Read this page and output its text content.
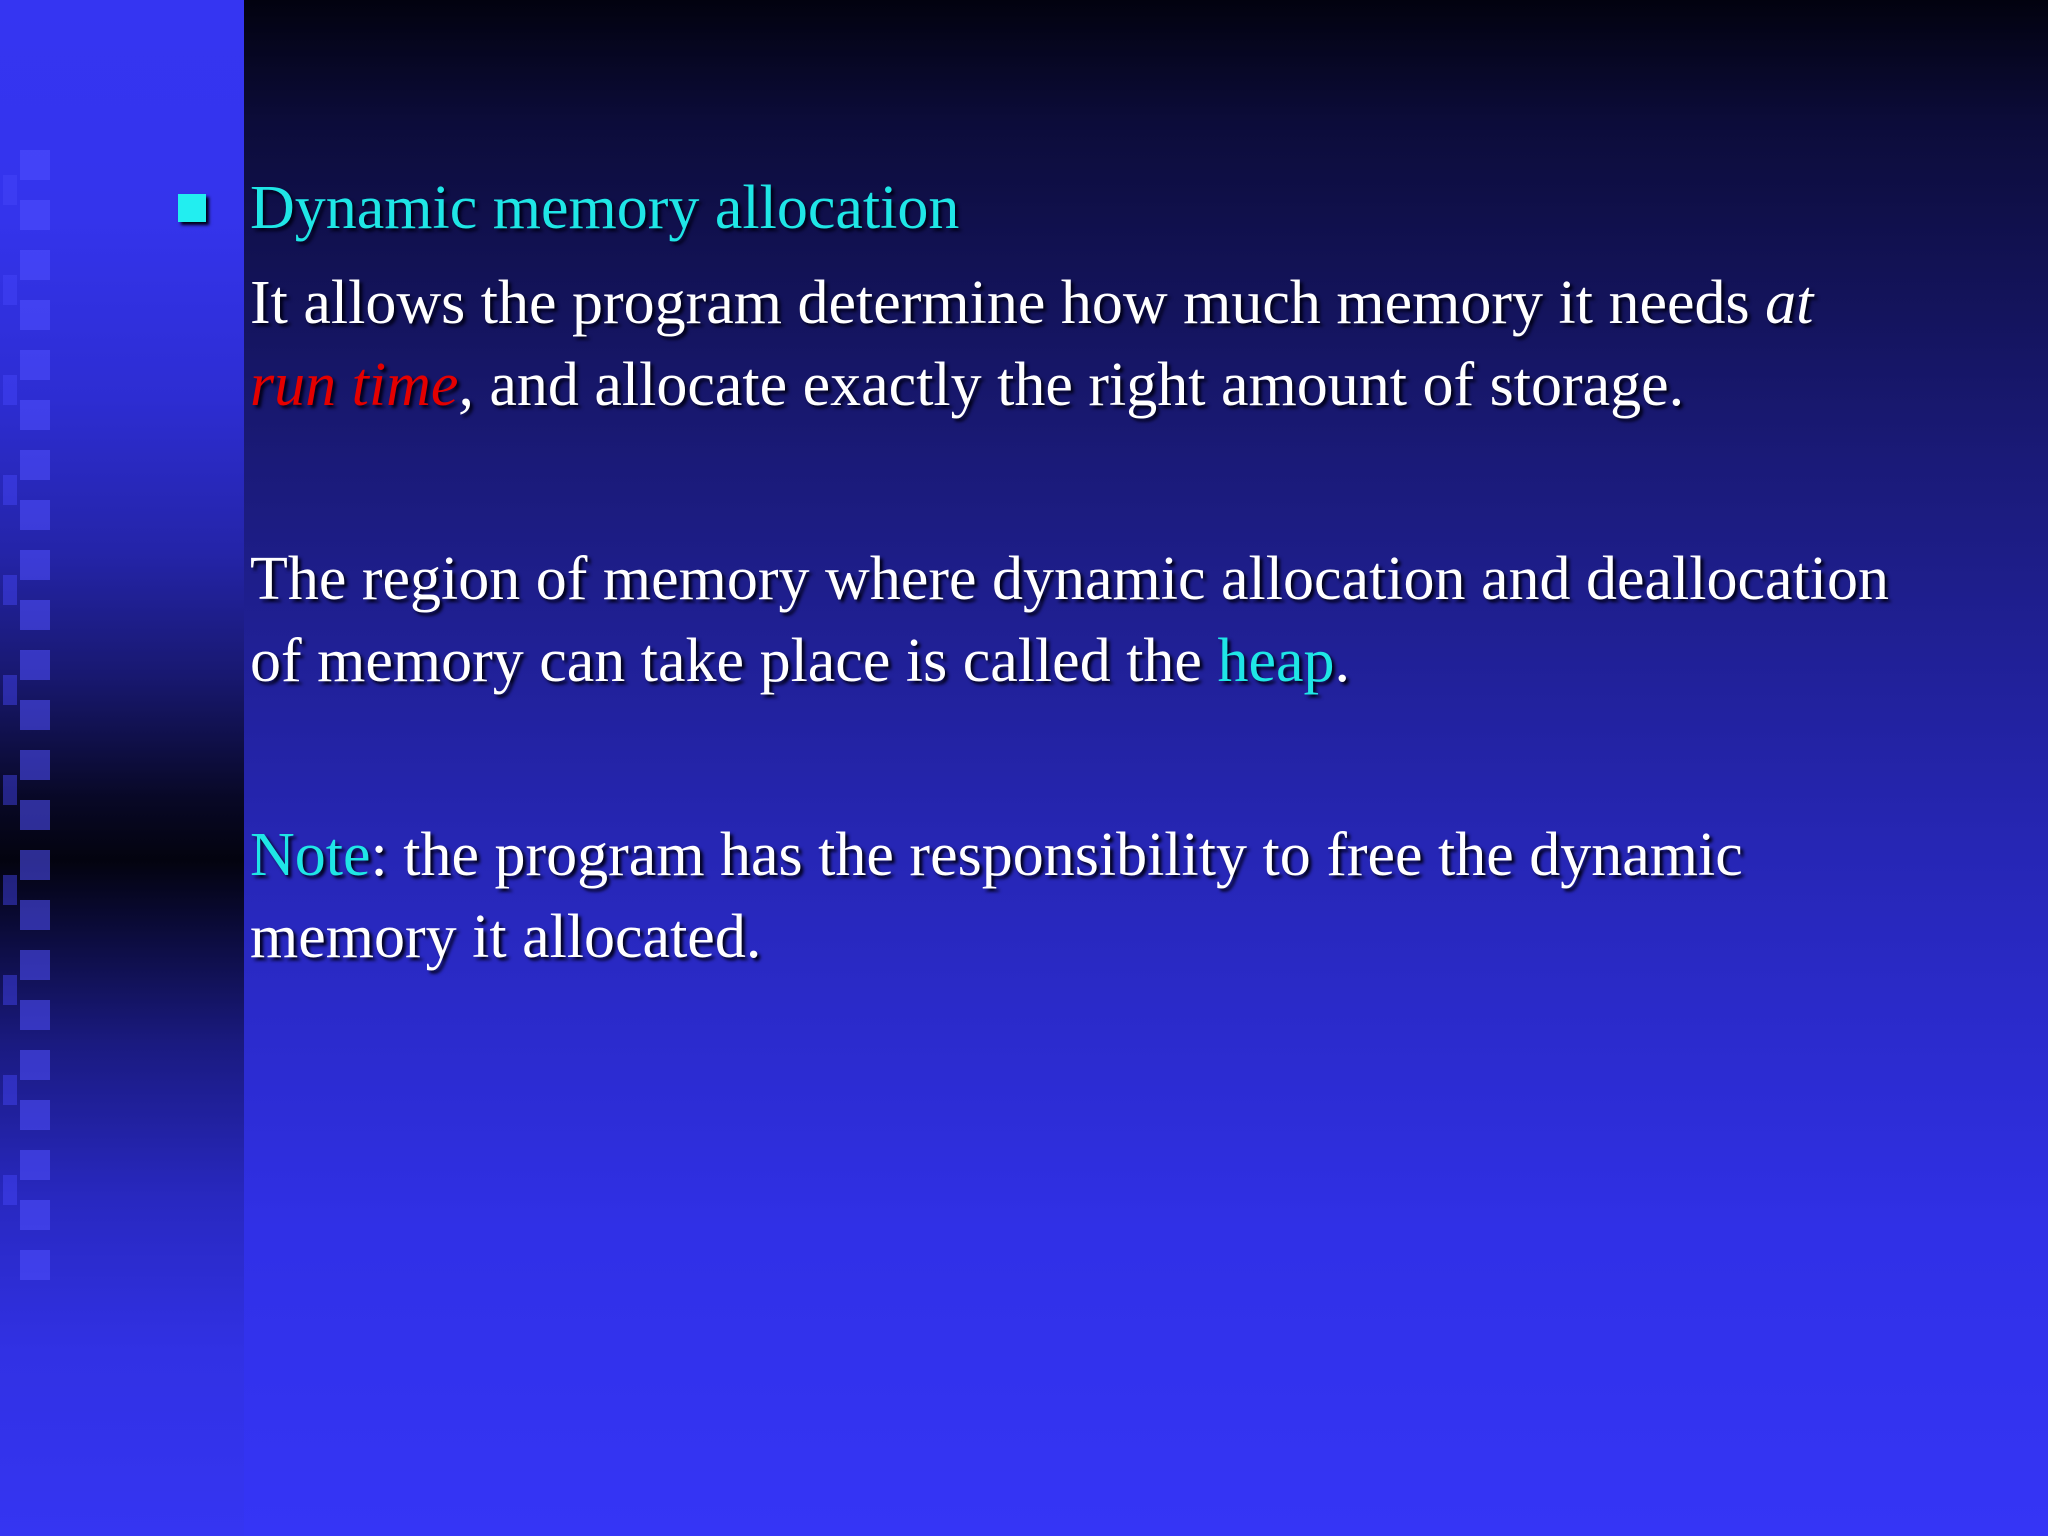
Dynamic memory allocation

It allows the program determine how much memory it needs at run time, and allocate exactly the right amount of storage.

The region of memory where dynamic allocation and deallocation of memory can take place is called the heap.

Note: the program has the responsibility to free the dynamic memory it allocated.
